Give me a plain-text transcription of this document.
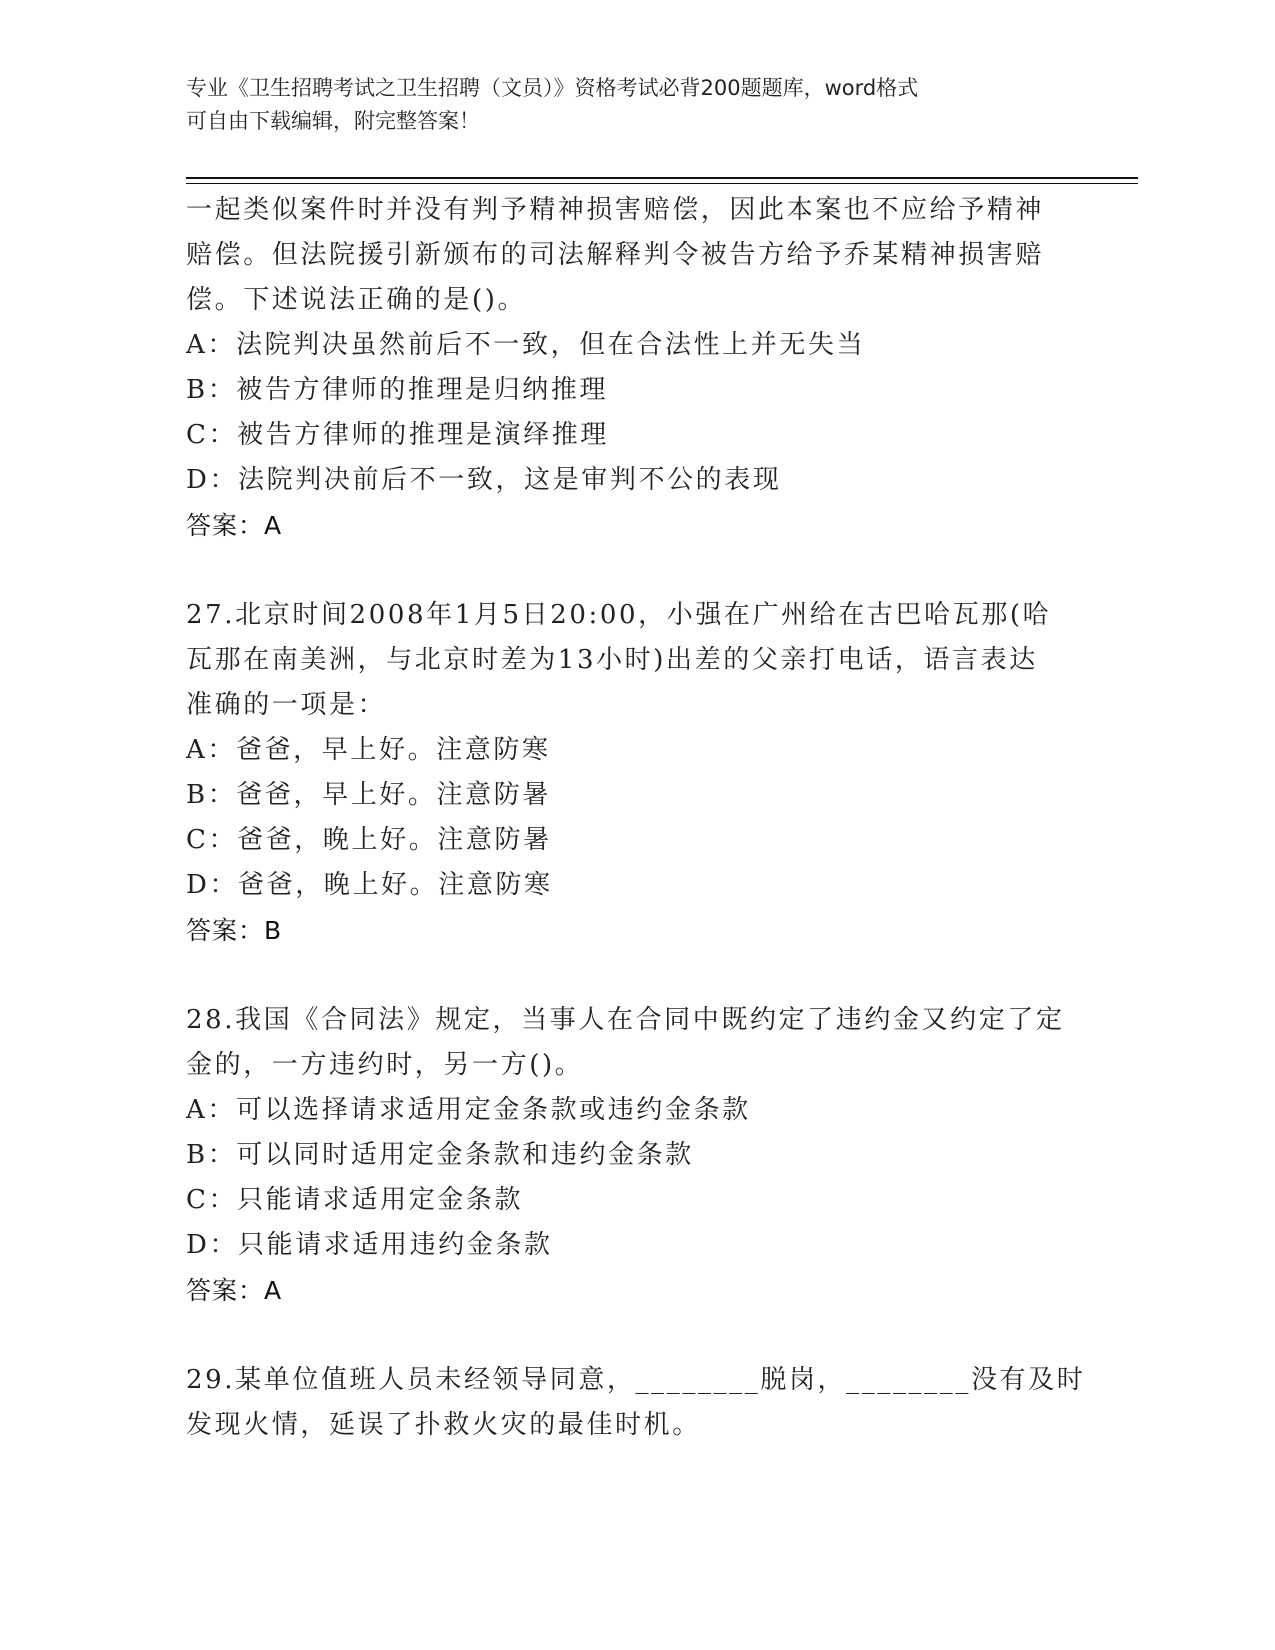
专业《卫生招聘考试之卫生招聘（文员）》资格考试必背200题题库，word格式
可自由下载编辑，附完整答案！
一起类似案件时并没有判予精神损害赔偿，因此本案也不应给予精神
赔偿。但法院援引新颁布的司法解释判令被告方给予乔某精神损害赔
偿。下述说法正确的是()。
A：法院判决虽然前后不一致，但在合法性上并无失当
B：被告方律师的推理是归纳推理
C：被告方律师的推理是演绎推理
D：法院判决前后不一致，这是审判不公的表现
答案：A
27.北京时间2008年1月5日20:00，小强在广州给在古巴哈瓦那(哈
瓦那在南美洲，与北京时差为13小时)出差的父亲打电话，语言表达
准确的一项是：
A：爸爸，早上好。注意防寒
B：爸爸，早上好。注意防暑
C：爸爸，晚上好。注意防暑
D：爸爸，晚上好。注意防寒
答案：B
28.我国《合同法》规定，当事人在合同中既约定了违约金又约定了定
金的，一方违约时，另一方()。
A：可以选择请求适用定金条款或违约金条款
B：可以同时适用定金条款和违约金条款
C：只能请求适用定金条款
D：只能请求适用违约金条款
答案：A
29.某单位值班人员未经领导同意，________脱岗，________没有及时
发现火情，延误了扑救火灾的最佳时机。
